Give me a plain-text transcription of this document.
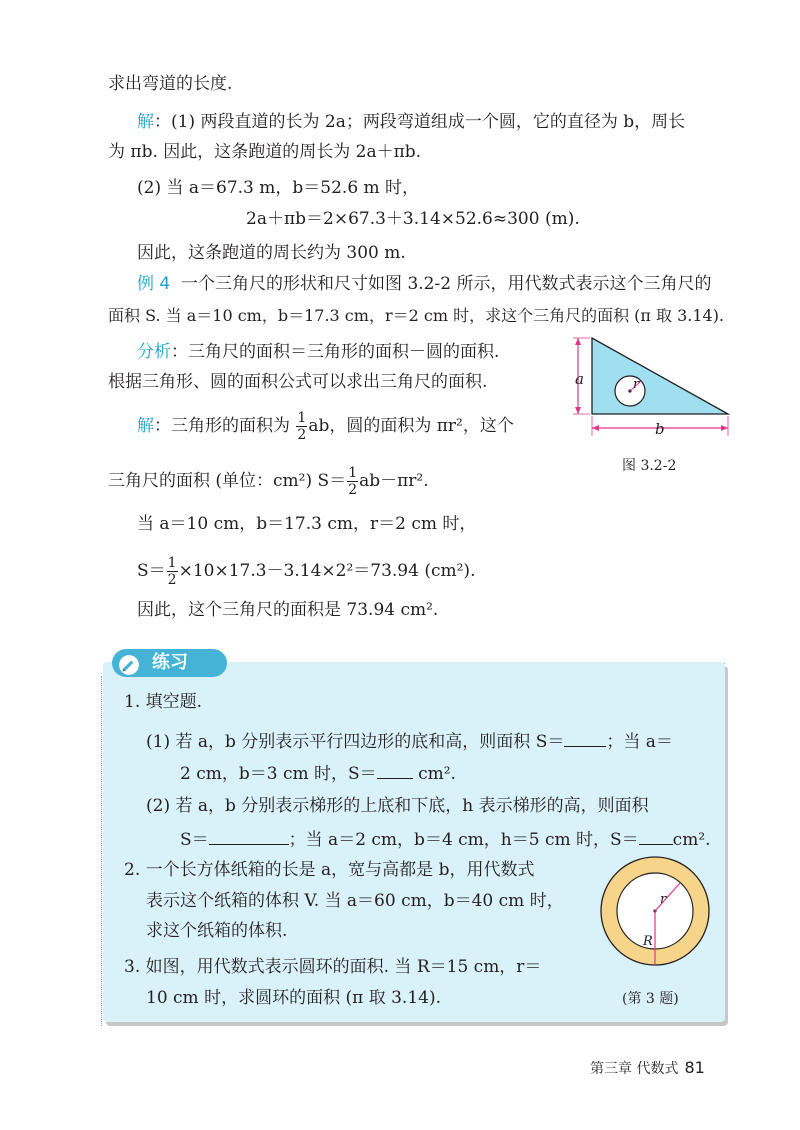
求出弯道的长度.
解：(1) 两段直道的长为 2a；两段弯道组成一个圆，它的直径为 b，周长
为 πb. 因此，这条跑道的周长为 2a＋πb.
(2) 当 a＝67.3 m，b＝52.6 m 时，
2a＋πb＝2×67.3＋3.14×52.6≈300 (m).
因此，这条跑道的周长约为 300 m.
例 4 一个三角尺的形状和尺寸如图 3.2-2 所示，用代数式表示这个三角尺的
面积 S. 当 a＝10 cm，b＝17.3 cm，r＝2 cm 时，求这个三角尺的面积 (π 取 3.14).
分析：三角尺的面积＝三角形的面积－圆的面积.
根据三角形、圆的面积公式可以求出三角尺的面积.
解：三角形的面积为 $\frac{1}{2}$ ab，圆的面积为 πr²，这个
三角尺的面积 (单位：cm²) $S= \frac{1}{2} ab-\pi r^2$.
当 a＝10 cm，b＝17.3 cm，r＝2 cm 时，
$S= \frac{1}{2} \times 10\times 17.3-3.14\times 2^2=73.94$ (cm²).
因此，这个三角尺的面积是 73.94 cm².
a	r
b
图 3.2-2
练习
1. 填空题.
(1) 若 a，b 分别表示平行四边形的底和高，则面积 S＝ ；当 a＝
2 cm，b＝3 cm 时，S＝ cm².
(2) 若 a，b 分别表示梯形的上底和下底，h 表示梯形的高，则面积
S＝	；当 a＝2 cm，b＝4 cm，h＝5 cm 时，S＝ cm².
2. 一个长方体纸箱的长是 a，宽与高都是 b，用代数式
表示这个纸箱的体积 V. 当 a＝60 cm，b＝40 cm 时，
求这个纸箱的体积.
3. 如图，用代数式表示圆环的面积. 当 R＝15 cm，r＝
10 cm 时，求圆环的面积 (π 取 3.14).
r
R
(第 3 题)
第三章 代数式 81
